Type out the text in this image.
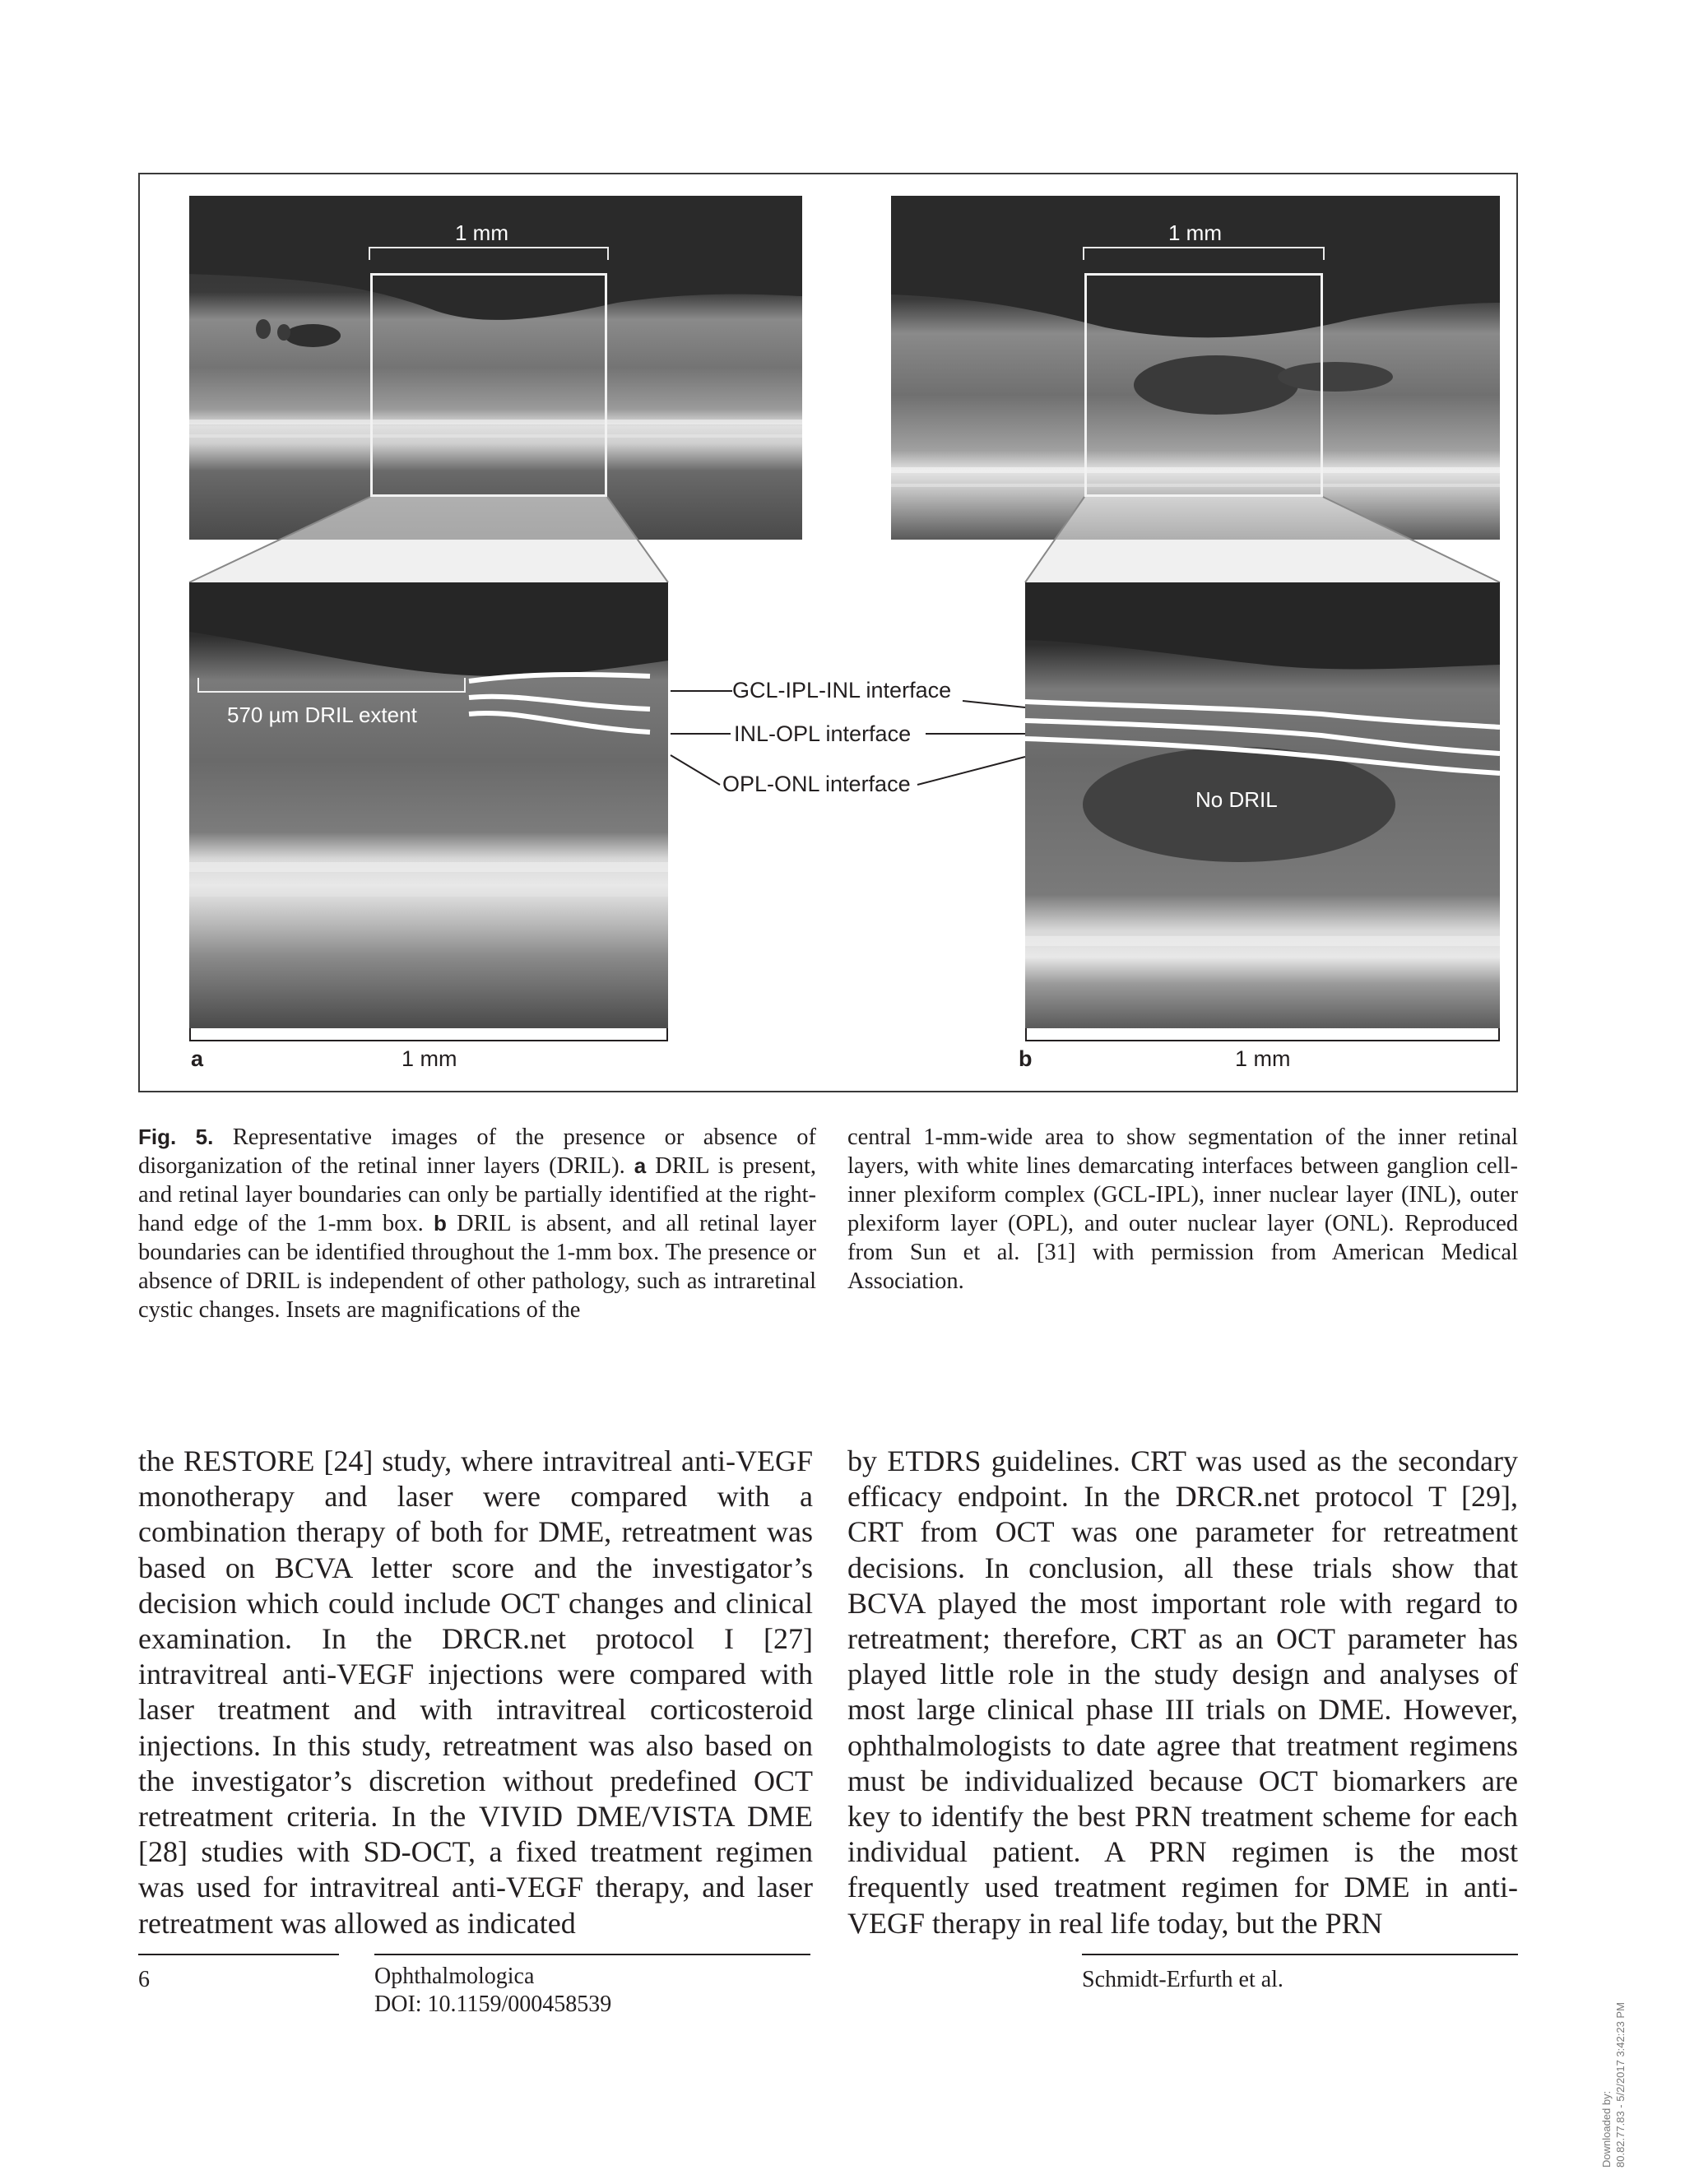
1 mm	1 mm
570 µm DRIL extent
No DRIL
GCL-IPL-INL interface
INL-OPL interface
OPL-ONL interface
a	1 mm	b	1 mm
Fig. 5. Representative images of the presence or absence of disorganization of the retinal inner layers (DRIL). a DRIL is present, and retinal layer boundaries can only be partially identified at the right-hand edge of the 1-mm box. b DRIL is absent, and all retinal layer boundaries can be identified throughout the 1-mm box. The presence or absence of DRIL is independent of other pathology, such as intraretinal cystic changes. Insets are magnifications of the
central 1-mm-wide area to show segmentation of the inner retinal layers, with white lines demarcating interfaces between ganglion cell-inner plexiform complex (GCL-IPL), inner nuclear layer (INL), outer plexiform layer (OPL), and outer nuclear layer (ONL). Reproduced from Sun et al. [31] with permission from American Medical Association.
the RESTORE [24] study, where intravitreal anti-VEGF monotherapy and laser were compared with a combination therapy of both for DME, retreatment was based on BCVA letter score and the investigator’s decision which could include OCT changes and clinical examination. In the DRCR.net protocol I [27] intravitreal anti-VEGF injections were compared with laser treatment and with intravitreal corticosteroid injections. In this study, retreatment was also based on the investigator’s discretion without predefined OCT retreatment criteria. In the VIVID DME/VISTA DME [28] studies with SD-OCT, a fixed treatment regimen was used for intravitreal anti-VEGF therapy, and laser retreatment was allowed as indicated
by ETDRS guidelines. CRT was used as the secondary efficacy endpoint. In the DRCR.net protocol T [29], CRT from OCT was one parameter for retreatment decisions. In conclusion, all these trials show that BCVA played the most important role with regard to retreatment; therefore, CRT as an OCT parameter has played little role in the study design and analyses of most large clinical phase III trials on DME. However, ophthalmologists to date agree that treatment regimens must be individualized because OCT biomarkers are key to identify the best PRN treatment scheme for each individual patient. A PRN regimen is the most frequently used treatment regimen for DME in anti-VEGF therapy in real life today, but the PRN
6	Ophthalmologica
DOI: 10.1159/000458539
Schmidt-Erfurth et al.
Downloaded by: 80.82.77.83 - 5/2/2017 3:42:23 PM
